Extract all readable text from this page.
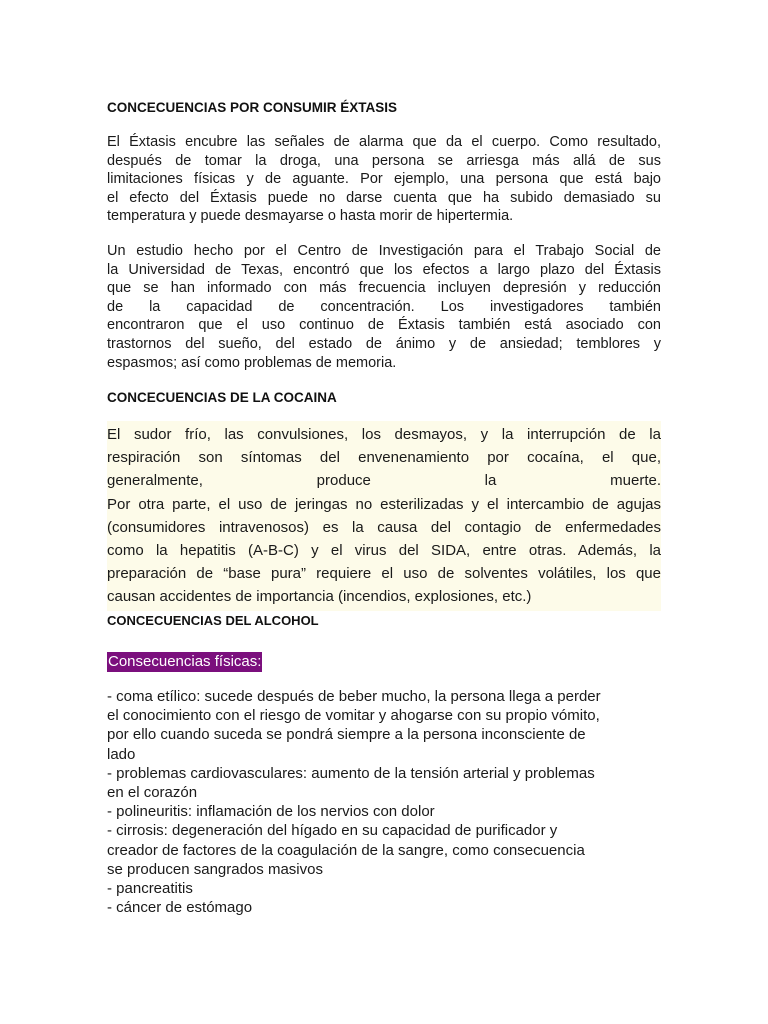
CONCECUENCIAS POR CONSUMIR ÉXTASIS
El Éxtasis encubre las señales de alarma que da el cuerpo. Como resultado,
después de tomar la droga, una persona se arriesga más allá de sus
limitaciones físicas y de aguante. Por ejemplo, una persona que está bajo
el efecto del Éxtasis puede no darse cuenta que ha subido demasiado su
temperatura y puede desmayarse o hasta morir de hipertermia.
Un estudio hecho por el Centro de Investigación para el Trabajo Social de
la Universidad de Texas, encontró que los efectos a largo plazo del Éxtasis
que se han informado con más frecuencia incluyen depresión y reducción
de la capacidad de concentración. Los investigadores también
encontraron que el uso continuo de Éxtasis también está asociado con
trastornos del sueño, del estado de ánimo y de ansiedad; temblores y
espasmos; así como problemas de memoria.
CONCECUENCIAS DE LA COCAINA
El sudor frío, las convulsiones, los desmayos, y la interrupción de la
respiración son síntomas del envenenamiento por cocaína, el que,
generalmente, produce la muerte.
Por otra parte, el uso de jeringas no esterilizadas y el intercambio de agujas
(consumidores intravenosos) es la causa del contagio de enfermedades
como la hepatitis (A-B-C) y el virus del SIDA, entre otras. Además, la
preparación de “base pura” requiere el uso de solventes volátiles, los que
causan accidentes de importancia (incendios, explosiones, etc.)
CONCECUENCIAS DEL ALCOHOL
Consecuencias físicas:
- coma etílico: sucede después de beber mucho, la persona llega a perder
el conocimiento con el riesgo de vomitar y ahogarse con su propio vómito,
por ello cuando suceda se pondrá siempre a la persona inconsciente de
lado
- problemas cardiovasculares: aumento de la tensión arterial y problemas
en el corazón
- polineuritis: inflamación de los nervios con dolor
- cirrosis: degeneración del hígado en su capacidad de purificador y
creador de factores de la coagulación de la sangre, como consecuencia
se producen sangrados masivos
- pancreatitis
- cáncer de estómago
